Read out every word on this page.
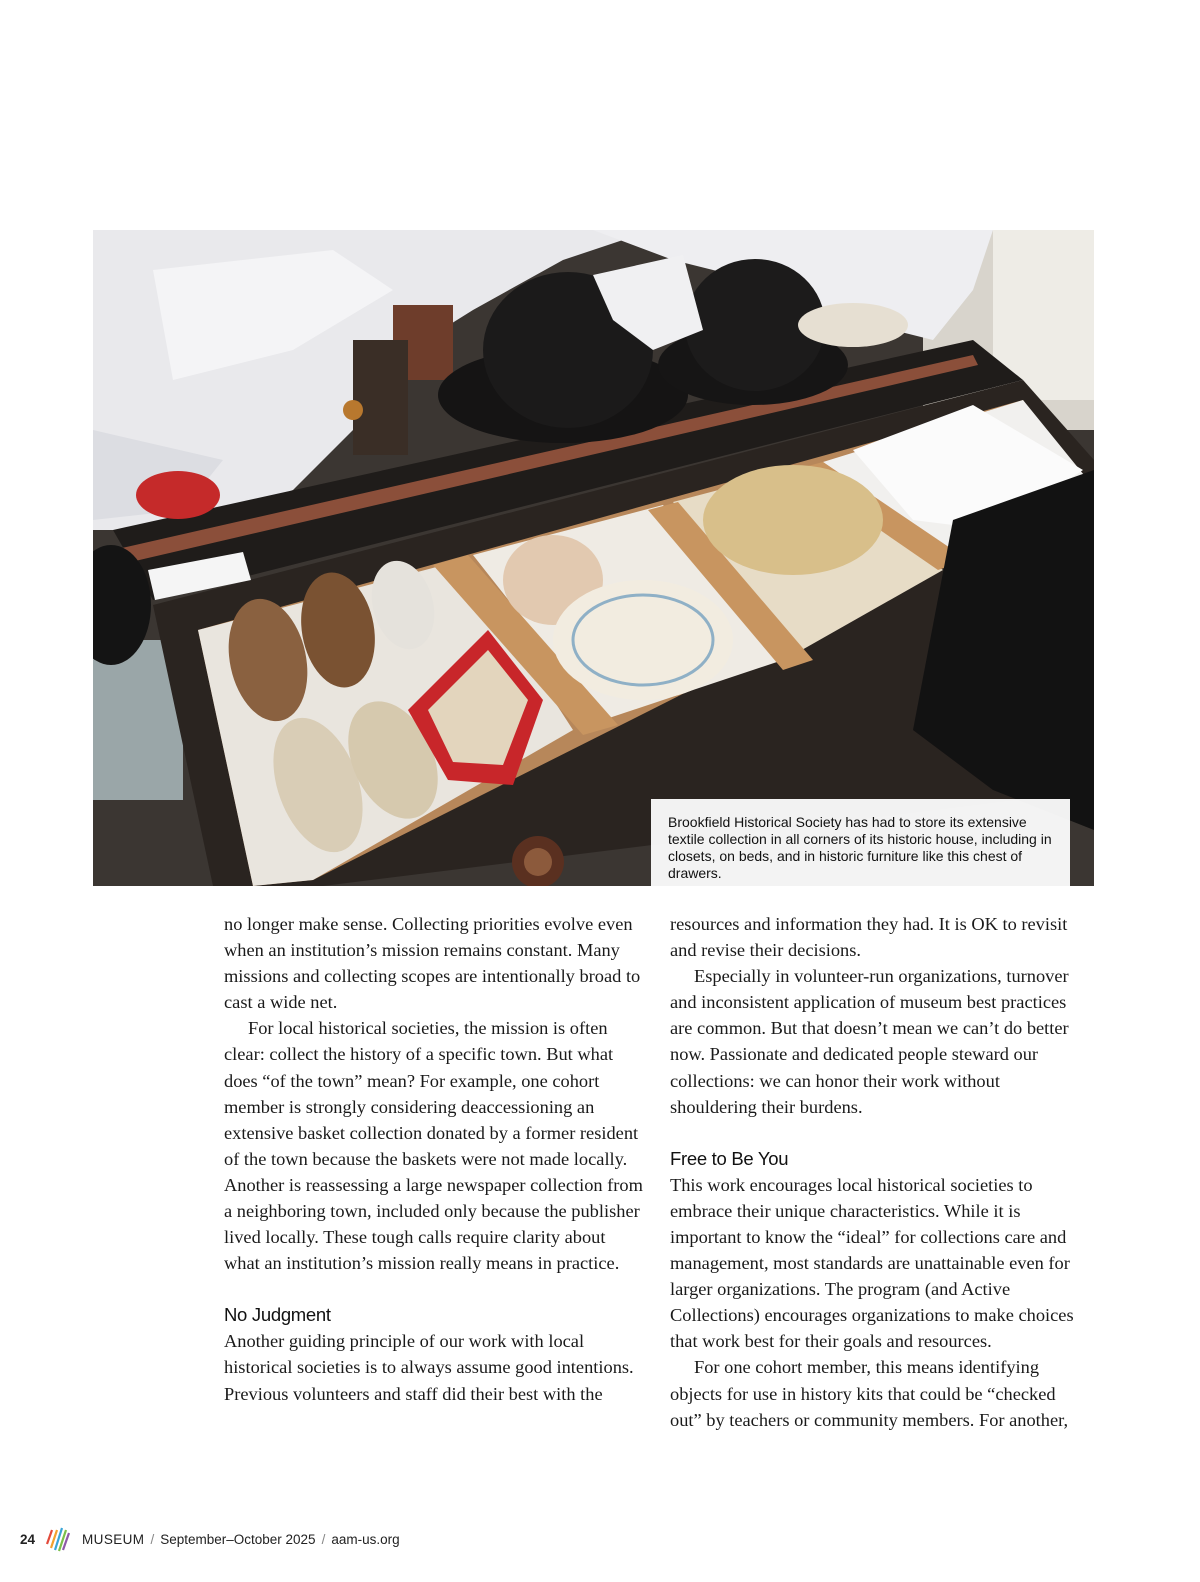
Brookfield Historical Society has had to store its extensive textile collection in all corners of its historic house, including in closets, on beds, and in historic furniture like this chest of drawers.

no longer make sense. Collecting priorities evolve even when an institution’s mission remains constant. Many missions and collecting scopes are intentionally broad to cast a wide net.

For local historical societies, the mission is often clear: collect the history of a specific town. But what does “of the town” mean? For example, one cohort member is strongly considering deaccessioning an extensive basket collection donated by a former resident of the town because the baskets were not made locally. Another is reassessing a large newspaper collection from a neighboring town, included only because the publisher lived locally. These tough calls require clarity about what an institution’s mission really means in practice.

No Judgment

Another guiding principle of our work with local historical societies is to always assume good intentions. Previous volunteers and staff did their best with the

resources and information they had. It is OK to revisit and revise their decisions.

Especially in volunteer-run organizations, turnover and inconsistent application of museum best practices are common. But that doesn’t mean we can’t do better now. Passionate and dedicated people steward our collections: we can honor their work without shouldering their burdens.

Free to Be You

This work encourages local historical societies to embrace their unique characteristics. While it is important to know the “ideal” for collections care and management, most standards are unattainable even for larger organizations. The program (and Active Collections) encourages organizations to make choices that work best for their goals and resources.

For one cohort member, this means identifying objects for use in history kits that could be “checked out” by teachers or community members. For another,

24	MUSEUM / September–October 2025 / aam-us.org
